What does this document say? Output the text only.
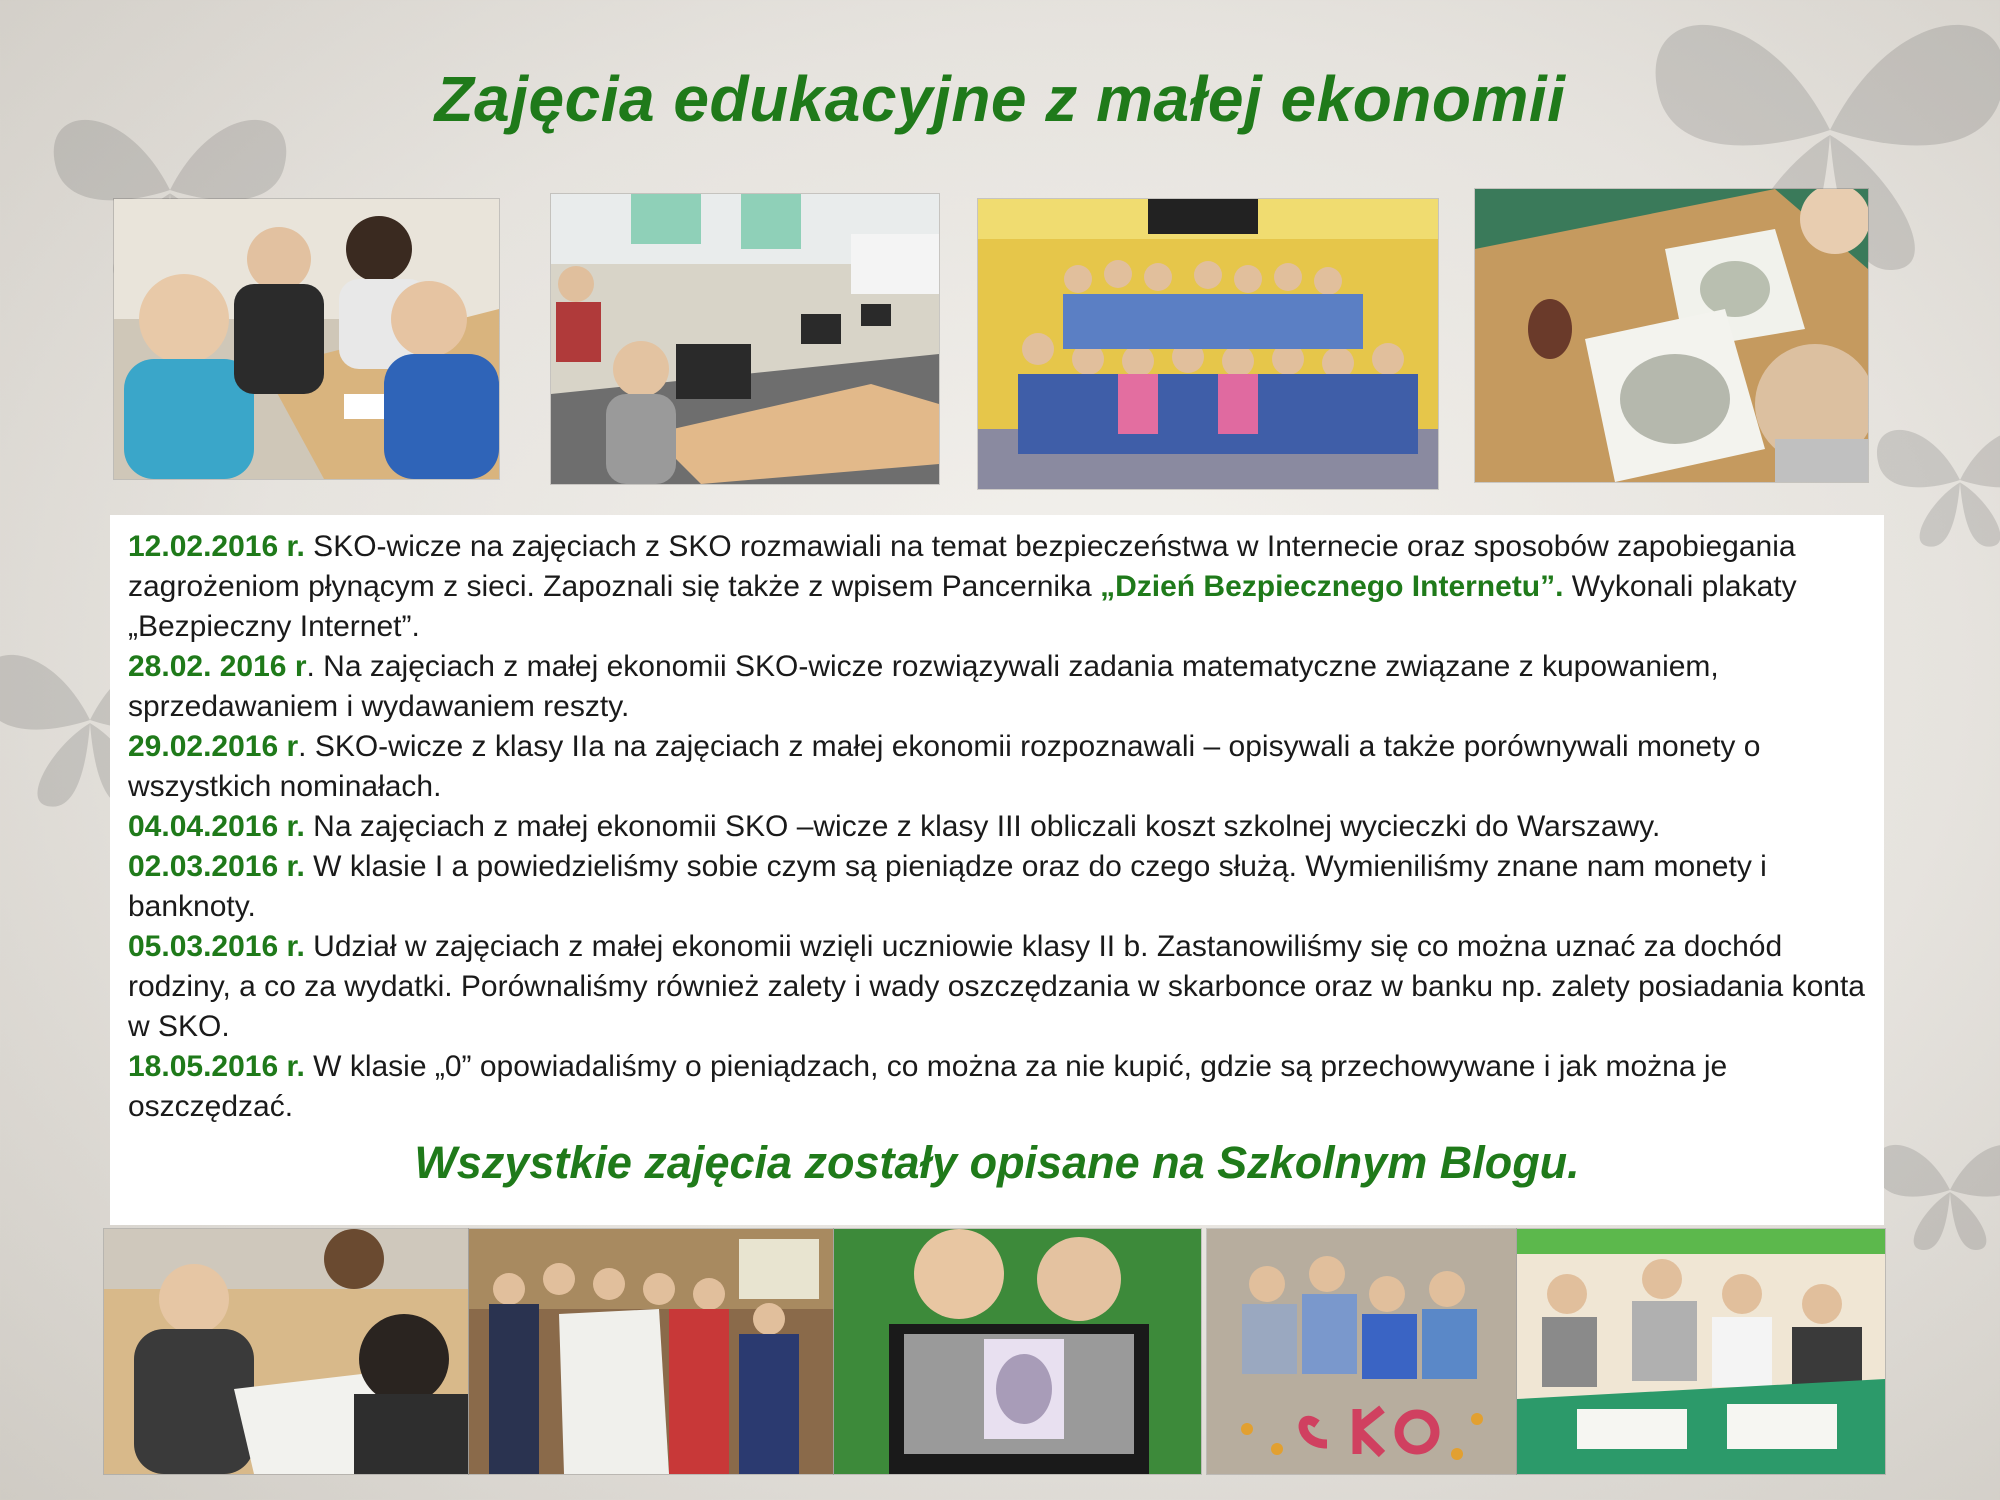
Zajęcia edukacyjne z małej ekonomii

12.02.2016 r. SKO-wicze na zajęciach z SKO rozmawiali na temat bezpieczeństwa w Internecie oraz sposobów zapobiegania zagrożeniom płynącym z sieci. Zapoznali się także z wpisem Pancernika „Dzień Bezpiecznego Internetu”. Wykonali plakaty „Bezpieczny Internet”.

28.02. 2016 r. Na zajęciach z małej ekonomii SKO-wicze rozwiązywali zadania matematyczne związane z kupowaniem, sprzedawaniem i wydawaniem reszty.

29.02.2016 r. SKO-wicze z klasy IIa na zajęciach z małej ekonomii rozpoznawali – opisywali a także porównywali monety o wszystkich nominałach.

04.04.2016 r. Na zajęciach z małej ekonomii SKO –wicze z klasy III obliczali koszt szkolnej wycieczki do Warszawy.

02.03.2016 r. W klasie I a powiedzieliśmy sobie czym są pieniądze oraz do czego służą. Wymieniliśmy znane nam monety i banknoty.

05.03.2016 r. Udział w zajęciach z małej ekonomii wzięli uczniowie klasy II b. Zastanowiliśmy się co można uznać za dochód rodziny, a co za wydatki. Porównaliśmy również zalety i wady oszczędzania w skarbonce oraz w banku np. zalety posiadania konta w SKO.

18.05.2016 r. W klasie „0” opowiadaliśmy o pieniądzach, co można za nie kupić, gdzie są przechowywane i jak można je oszczędzać.

Wszystkie zajęcia zostały opisane na Szkolnym Blogu.
